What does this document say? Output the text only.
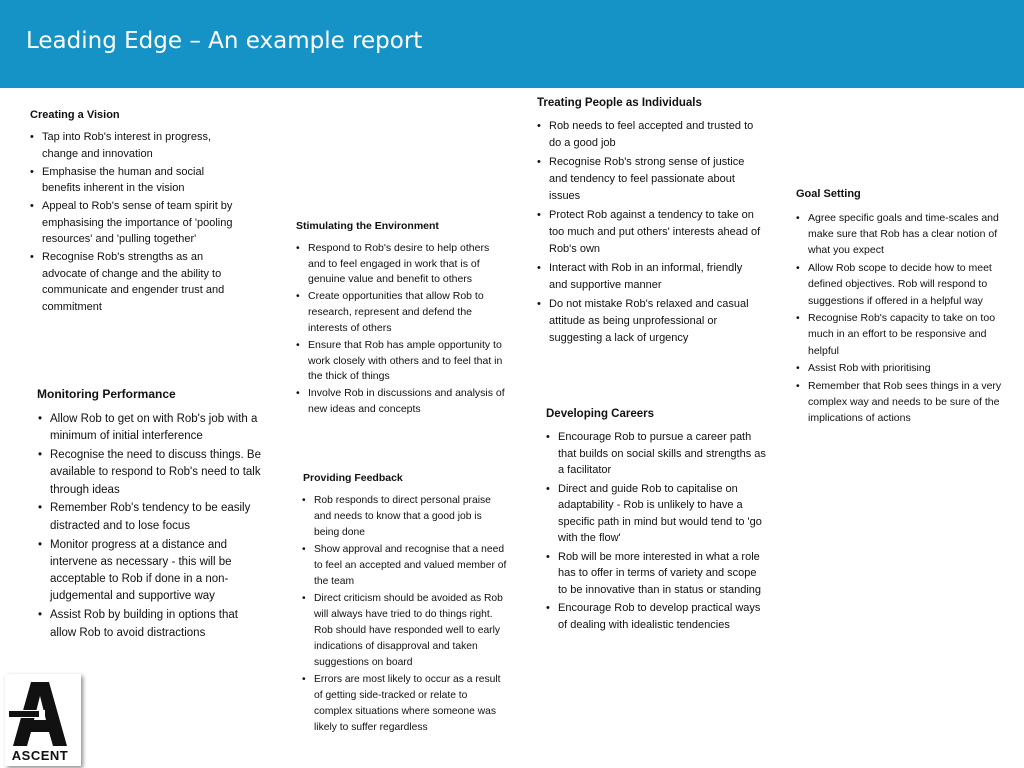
Leading Edge – An example report
Creating a Vision
• Tap into Rob's interest in progress, change and innovation
• Emphasise the human and social benefits inherent in the vision
• Appeal to Rob's sense of team spirit by emphasising the importance of 'pooling resources' and 'pulling together'
• Recognise Rob's strengths as an advocate of change and the ability to communicate and engender trust and commitment
Monitoring Performance
• Allow Rob to get on with Rob's job with a minimum of initial interference
• Recognise the need to discuss things. Be available to respond to Rob's need to talk through ideas
• Remember Rob's tendency to be easily distracted and to lose focus
• Monitor progress at a distance and intervene as necessary - this will be acceptable to Rob if done in a non-judgemental and supportive way
• Assist Rob by building in options that allow Rob to avoid distractions
Stimulating the Environment
• Respond to Rob's desire to help others and to feel engaged in work that is of genuine value and benefit to others
• Create opportunities that allow Rob to research, represent and defend the interests of others
• Ensure that Rob has ample opportunity to work closely with others and to feel that in the thick of things
• Involve Rob in discussions and analysis of new ideas and concepts
Providing Feedback
• Rob responds to direct personal praise and needs to know that a good job is being done
• Show approval and recognise that a need to feel an accepted and valued member of the team
• Direct criticism should be avoided as Rob will always have tried to do things right. Rob should have responded well to early indications of disapproval and taken suggestions on board
• Errors are most likely to occur as a result of getting side-tracked or relate to complex situations where someone was likely to suffer regardless
Treating People as Individuals
• Rob needs to feel accepted and trusted to do a good job
• Recognise Rob's strong sense of justice and tendency to feel passionate about issues
• Protect Rob against a tendency to take on too much and put others' interests ahead of Rob's own
• Interact with Rob in an informal, friendly and supportive manner
• Do not mistake Rob's relaxed and casual attitude as being unprofessional or suggesting a lack of urgency
Developing Careers
• Encourage Rob to pursue a career path that builds on social skills and strengths as a facilitator
• Direct and guide Rob to capitalise on adaptability - Rob is unlikely to have a specific path in mind but would tend to 'go with the flow'
• Rob will be more interested in what a role has to offer in terms of variety and scope to be innovative than in status or standing
• Encourage Rob to develop practical ways of dealing with idealistic tendencies
Goal Setting
• Agree specific goals and time-scales and make sure that Rob has a clear notion of what you expect
• Allow Rob scope to decide how to meet defined objectives. Rob will respond to suggestions if offered in a helpful way
• Recognise Rob's capacity to take on too much in an effort to be responsive and helpful
• Assist Rob with prioritising
• Remember that Rob sees things in a very complex way and needs to be sure of the implications of actions
ASCENT
